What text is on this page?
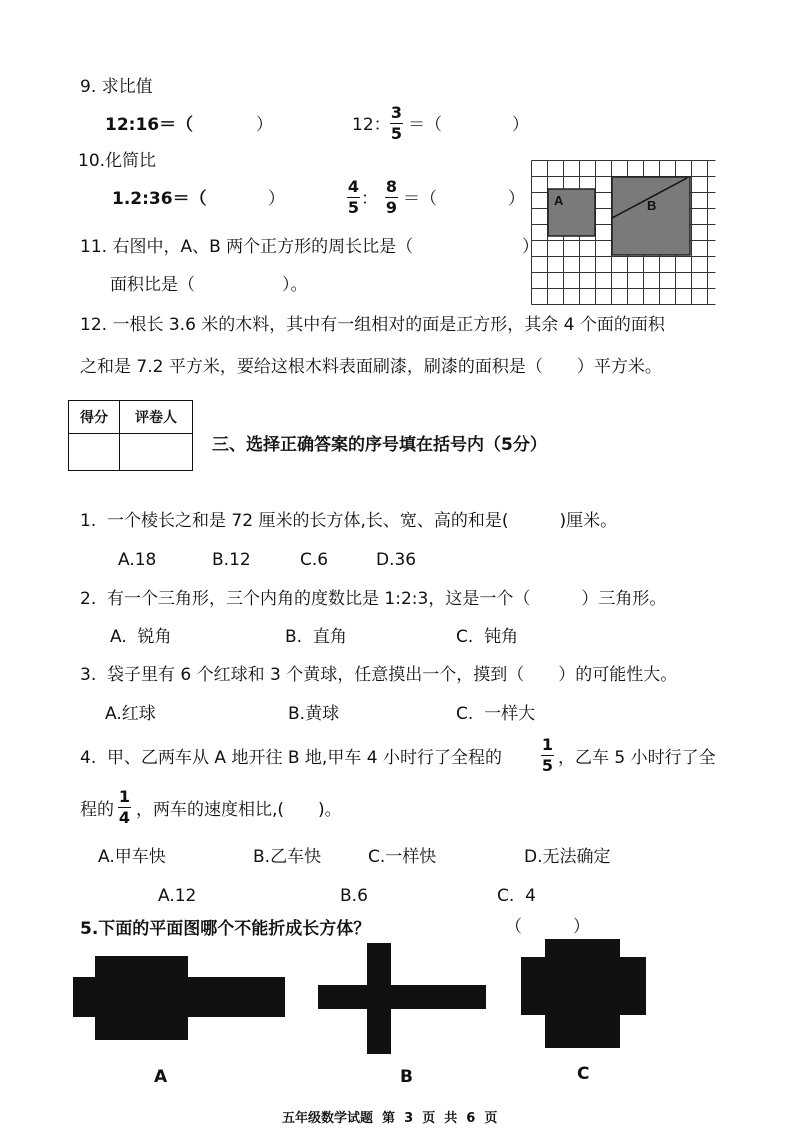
9. 求比值
12:16＝（	）	12：
3
5 ＝（	）
10.化简比
1.2:36＝（	）
4
5 ：
8
9 ＝（	）
11. 右图中，A、B 两个正方形的周长比是（	）
面积比是（	）。
A	B
12. 一根长 3.6 米的木料，其中有一组相对的面是正方形，其余 4 个面的面积
之和是 7.2 平方米，要给这根木料表面刷漆，刷漆的面积是（　　）平方米。
得分	评卷人

三、选择正确答案的序号填在括号内（5分）
1.  一个棱长之和是 72 厘米的长方体,长、宽、高的和是(　　　)厘米。
A.18	B.12	C.6	D.36
2.  有一个三角形，三个内角的度数比是 1:2:3，这是一个（　　　）三角形。
A.  锐角	B.  直角	C.  钝角
3.  袋子里有 6 个红球和 3 个黄球，任意摸出一个，摸到（　　）的可能性大。
A.红球	B.黄球	C.  一样大
4.  甲、乙两车从 A 地开往 B 地,甲车 4 小时行了全程的
1
5 ，乙车 5 小时行了全
程的
1
4 ，两车的速度相比,(　　)。
A.甲车快	B.乙车快	C.一样快	D.无法确定
A.12	B.6	C.  4
5.下面的平面图哪个不能折成长方体？	（　　　）
A	B	C
五年级数学试题  第  3  页  共  6  页
